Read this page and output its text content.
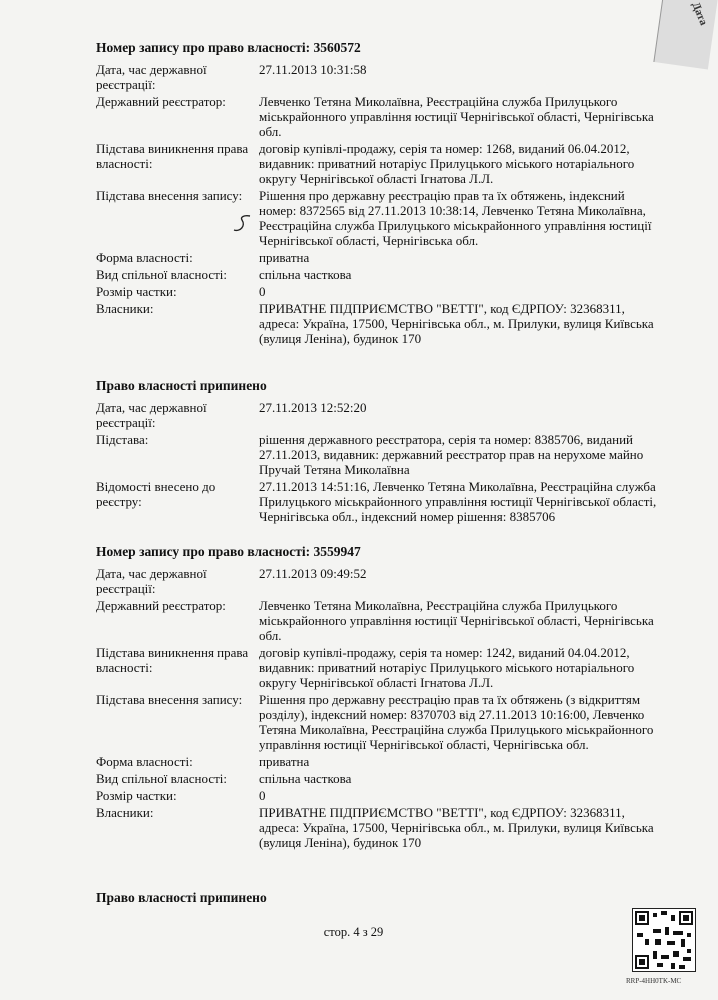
Дата
Номер запису про право власності: 3560572
Дата, час державної реєстрації:
27.11.2013 10:31:58
Державний реєстратор:	Левченко Тетяна Миколаївна, Реєстраційна служба Прилуцького міськрайонного управління юстиції Чернігівської області, Чернігівська обл.
Підстава виникнення права власності:
договір купівлі-продажу, серія та номер: 1268, виданий 06.04.2012, видавник: приватний нотаріус Прилуцького міського нотаріального округу Чернігівської області Ігнатова Л.Л.
Підстава внесення запису:	Рішення про державну реєстрацію прав та їх обтяжень, індексний номер: 8372565 від 27.11.2013 10:38:14, Левченко Тетяна Миколаївна, Реєстраційна служба Прилуцького міськрайонного управління юстиції Чернігівської області, Чернігівська обл.
Форма власності:	приватна
Вид спільної власності:	спільна часткова
Розмір частки:	0
Власники:	ПРИВАТНЕ ПІДПРИЄМСТВО "ВЕТТІ", код ЄДРПОУ: 32368311, адреса: Україна, 17500, Чернігівська обл., м. Прилуки, вулиця Київська (вулиця Леніна), будинок 170
Право власності припинено
Дата, час державної реєстрації:
27.11.2013 12:52:20
Підстава:	рішення державного реєстратора, серія та номер: 8385706, виданий 27.11.2013, видавник: державний реєстратор прав на нерухоме майно Пручай Тетяна Миколаївна
Відомості внесено до реєстру:
27.11.2013 14:51:16, Левченко Тетяна Миколаївна, Реєстраційна служба Прилуцького міськрайонного управління юстиції Чернігівської області, Чернігівська обл., індексний номер рішення: 8385706
Номер запису про право власності: 3559947
Дата, час державної реєстрації:
27.11.2013 09:49:52
Державний реєстратор:	Левченко Тетяна Миколаївна, Реєстраційна служба Прилуцького міськрайонного управління юстиції Чернігівської області, Чернігівська обл.
Підстава виникнення права власності:
договір купівлі-продажу, серія та номер: 1242, виданий 04.04.2012, видавник: приватний нотаріус Прилуцького міського нотаріального округу Чернігівської області Ігнатова Л.Л.
Підстава внесення запису:	Рішення про державну реєстрацію прав та їх обтяжень (з відкриттям розділу), індексний номер: 8370703 від 27.11.2013 10:16:00, Левченко Тетяна Миколаївна, Реєстраційна служба Прилуцького міськрайонного управління юстиції Чернігівської області, Чернігівська обл.
Форма власності:	приватна
Вид спільної власності:	спільна часткова
Розмір частки:	0
Власники:	ПРИВАТНЕ ПІДПРИЄМСТВО "ВЕТТІ", код ЄДРПОУ: 32368311, адреса: Україна, 17500, Чернігівська обл., м. Прилуки, вулиця Київська (вулиця Леніна), будинок 170
Право власності припинено
стор. 4 з 29
RRP-4HH0TK-MC
